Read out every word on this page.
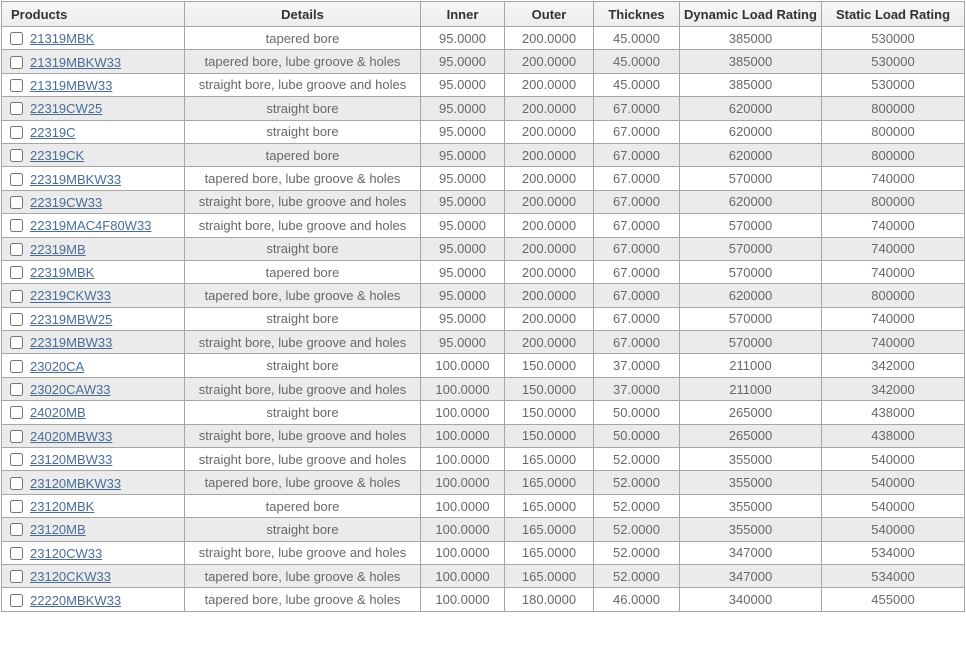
Products	Details	Inner	Outer	Thicknes	Dynamic Load Rating	Static Load Rating
21319MBK	tapered bore	95.0000	200.0000	45.0000	385000	530000
21319MBKW33	tapered bore, lube groove & holes	95.0000	200.0000	45.0000	385000	530000
21319MBW33	straight bore, lube groove and holes	95.0000	200.0000	45.0000	385000	530000
22319CW25	straight bore	95.0000	200.0000	67.0000	620000	800000
22319C	straight bore	95.0000	200.0000	67.0000	620000	800000
22319CK	tapered bore	95.0000	200.0000	67.0000	620000	800000
22319MBKW33	tapered bore, lube groove & holes	95.0000	200.0000	67.0000	570000	740000
22319CW33	straight bore, lube groove and holes	95.0000	200.0000	67.0000	620000	800000
22319MAC4F80W33	straight bore, lube groove and holes	95.0000	200.0000	67.0000	570000	740000
22319MB	straight bore	95.0000	200.0000	67.0000	570000	740000
22319MBK	tapered bore	95.0000	200.0000	67.0000	570000	740000
22319CKW33	tapered bore, lube groove & holes	95.0000	200.0000	67.0000	620000	800000
22319MBW25	straight bore	95.0000	200.0000	67.0000	570000	740000
22319MBW33	straight bore, lube groove and holes	95.0000	200.0000	67.0000	570000	740000
23020CA	straight bore	100.0000	150.0000	37.0000	211000	342000
23020CAW33	straight bore, lube groove and holes	100.0000	150.0000	37.0000	211000	342000
24020MB	straight bore	100.0000	150.0000	50.0000	265000	438000
24020MBW33	straight bore, lube groove and holes	100.0000	150.0000	50.0000	265000	438000
23120MBW33	straight bore, lube groove and holes	100.0000	165.0000	52.0000	355000	540000
23120MBKW33	tapered bore, lube groove & holes	100.0000	165.0000	52.0000	355000	540000
23120MBK	tapered bore	100.0000	165.0000	52.0000	355000	540000
23120MB	straight bore	100.0000	165.0000	52.0000	355000	540000
23120CW33	straight bore, lube groove and holes	100.0000	165.0000	52.0000	347000	534000
23120CKW33	tapered bore, lube groove & holes	100.0000	165.0000	52.0000	347000	534000
22220MBKW33	tapered bore, lube groove & holes	100.0000	180.0000	46.0000	340000	455000
